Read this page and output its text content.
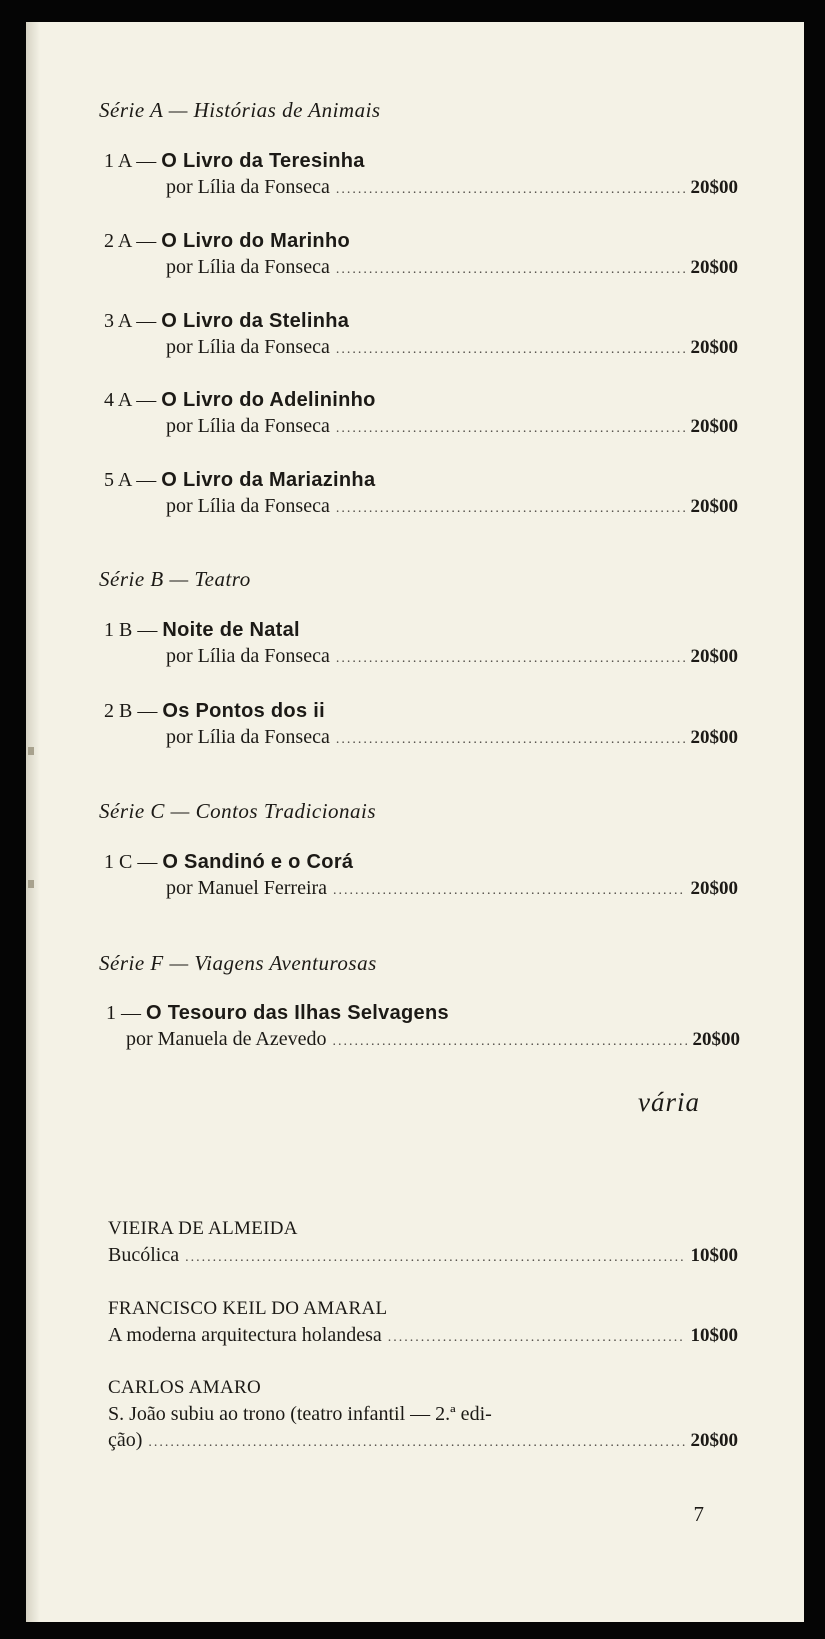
Série A — Histórias de Animais
1 A — O Livro da Teresinha
por Lília da Fonseca .....	20$00
2 A — O Livro do Marinho
por Lília da Fonseca .....	20$00
3 A — O Livro da Stelinha
por Lília da Fonseca .....	20$00
4 A — O Livro do Adelininho
por Lília da Fonseca .....	20$00
5 A — O Livro da Mariazinha
por Lília da Fonseca .....	20$00
Série B — Teatro
1 B — Noite de Natal
por Lília da Fonseca .....	20$00
2 B — Os Pontos dos ii
por Lília da Fonseca .....	20$00
Série C — Contos Tradicionais
1 C — O Sandinó e o Corá
por Manuel Ferreira .....	20$00
Série F — Viagens Aventurosas
1 — O Tesouro das Ilhas Selvagens
por Manuela de Azevedo .....	20$00
vária
VIEIRA DE ALMEIDA
Bucólica .....	10$00
FRANCISCO KEIL DO AMARAL
A moderna arquitectura holandesa .....	10$00
CARLOS AMARO
S. João subiu ao trono (teatro infantil — 2.ª edi-
ção) .....	20$00
7
